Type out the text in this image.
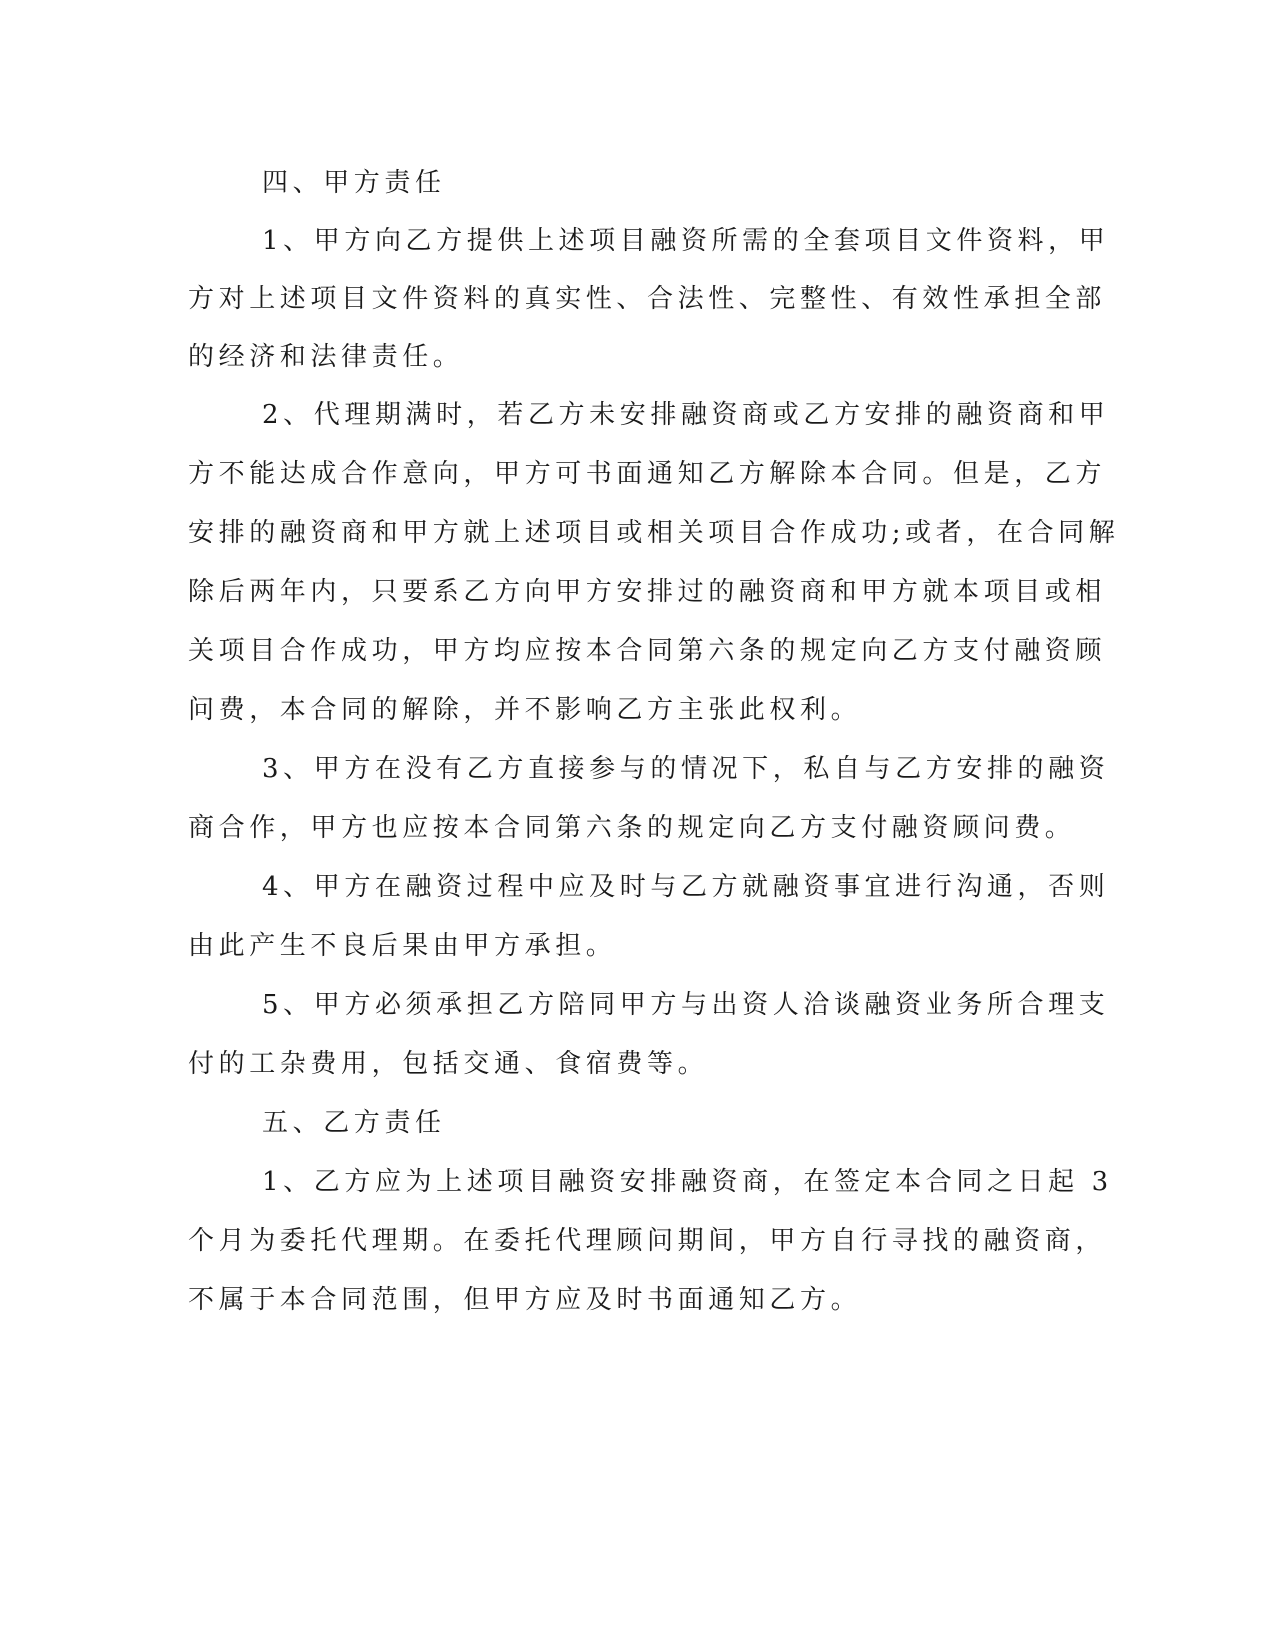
四、甲方责任
1、甲方向乙方提供上述项目融资所需的全套项目文件资料，甲
方对上述项目文件资料的真实性、合法性、完整性、有效性承担全部
的经济和法律责任。
2、代理期满时，若乙方未安排融资商或乙方安排的融资商和甲
方不能达成合作意向，甲方可书面通知乙方解除本合同。但是，乙方
安排的融资商和甲方就上述项目或相关项目合作成功;或者，在合同解
除后两年内，只要系乙方向甲方安排过的融资商和甲方就本项目或相
关项目合作成功，甲方均应按本合同第六条的规定向乙方支付融资顾
问费，本合同的解除，并不影响乙方主张此权利。
3、甲方在没有乙方直接参与的情况下，私自与乙方安排的融资
商合作，甲方也应按本合同第六条的规定向乙方支付融资顾问费。
4、甲方在融资过程中应及时与乙方就融资事宜进行沟通，否则
由此产生不良后果由甲方承担。
5、甲方必须承担乙方陪同甲方与出资人洽谈融资业务所合理支
付的工杂费用，包括交通、食宿费等。
五、乙方责任
1、乙方应为上述项目融资安排融资商，在签定本合同之日起 3
个月为委托代理期。在委托代理顾问期间，甲方自行寻找的融资商，
不属于本合同范围，但甲方应及时书面通知乙方。
